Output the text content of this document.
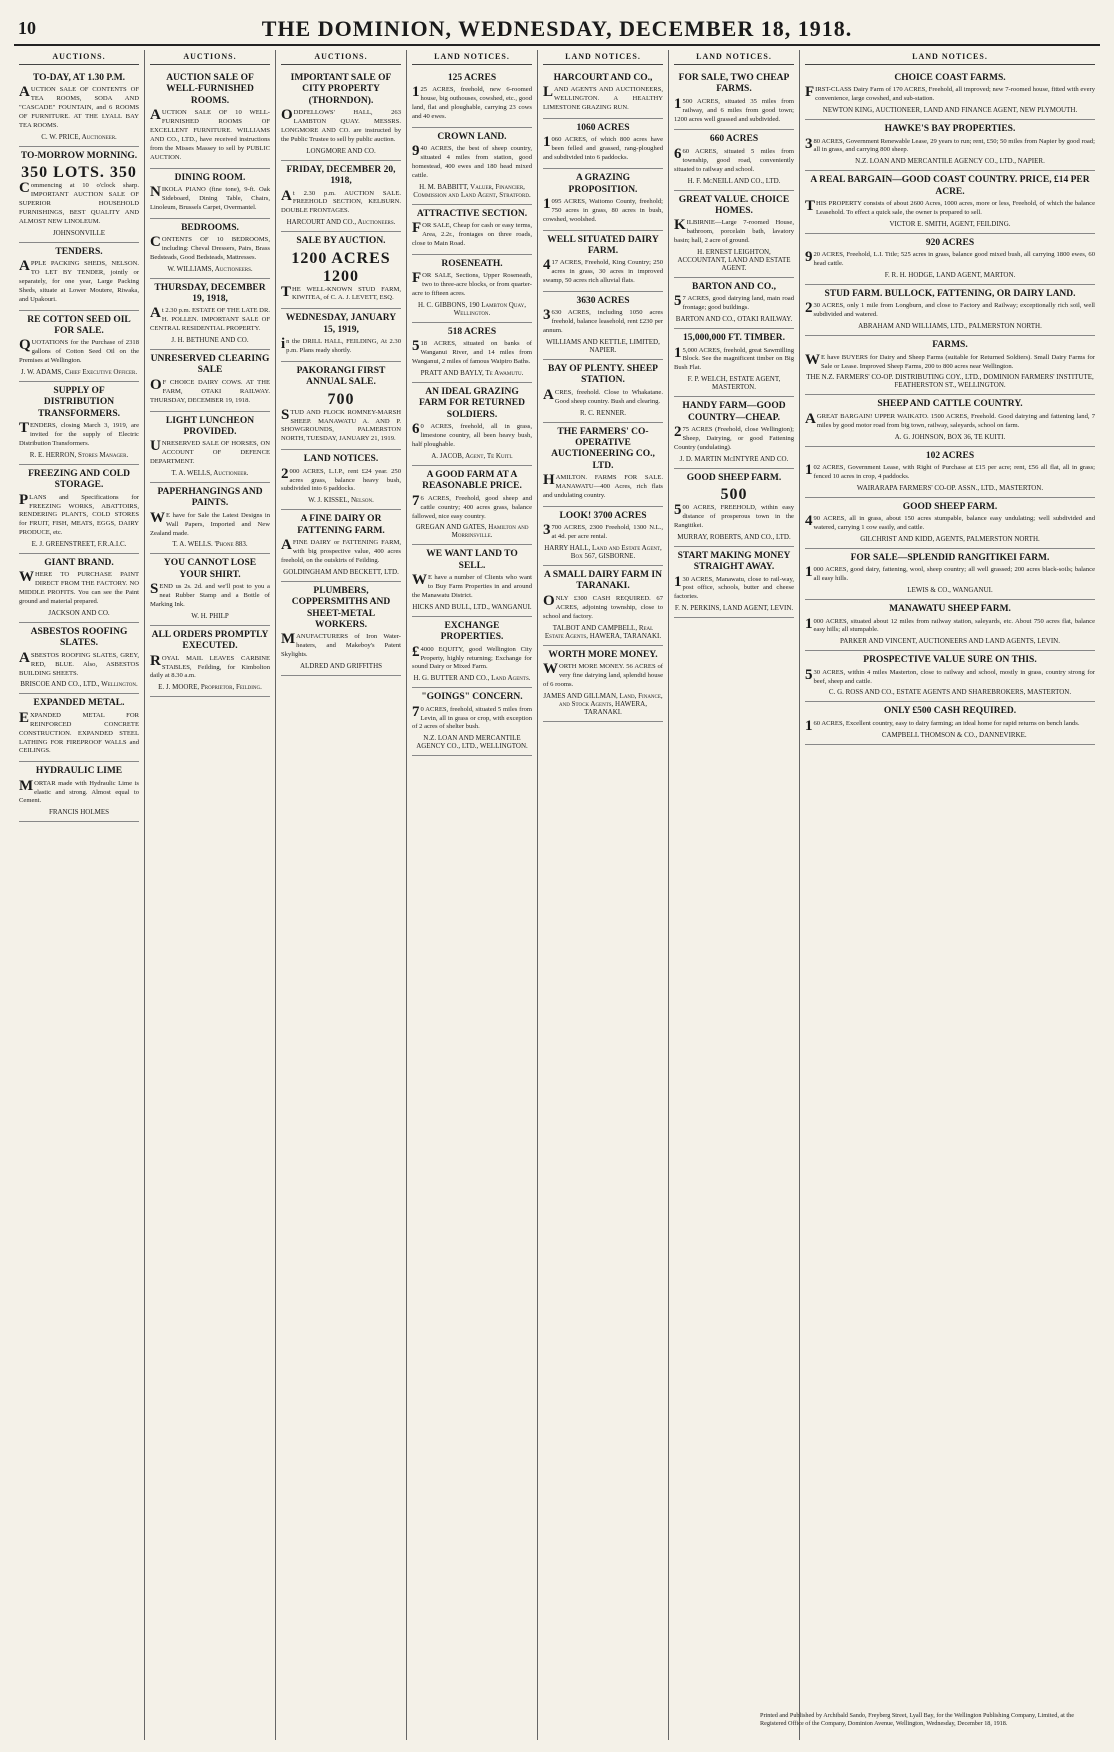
10	THE DOMINION, WEDNESDAY, DECEMBER 18, 1918.
AUCTIONS.
TO-DAY, AT 1.30 P.M.
AUCTION SALE OF CONTENTS OF TEA ROOMS, SODA AND "CASCADE" FOUNTAIN, and 6 ROOMS OF FURNITURE. AT THE LYALL BAY TEA ROOMS.
C. W. PRICE, Auctioneer.
TO-MORROW MORNING.
350 LOTS. 350
Commencing at 10 o'clock sharp. IMPORTANT AUCTION SALE OF SUPERIOR HOUSEHOLD FURNISHINGS, BEST QUALITY AND ALMOST NEW LINOLEUM.
JOHNSONVILLE
TENDERS.
APPLE PACKING SHEDS, NELSON. TO LET BY TENDER, jointly or separately, for one year, Large Packing Sheds, situate at Lower Moutere, Riwaka, and Upakouri.
RE COTTON SEED OIL FOR SALE.
QUOTATIONS for the Purchase of 2318 gallons of Cotton Seed Oil on the Premises at Wellington.
J. W. ADAMS, Chief Executive Officer.
SUPPLY OF DISTRIBUTION TRANSFORMERS.
TENDERS, closing March 3, 1919, are invited for the supply of Electric Distribution Transformers.
R. E. HERRON, Stores Manager.
FREEZING AND COLD STORAGE.
PLANS and Specifications for FREEZING WORKS, ABATTOIRS, RENDERING PLANTS, COLD STORES for FRUIT, FISH, MEATS, EGGS, DAIRY PRODUCE, etc.
E. J. GREENSTREET, F.R.A.I.C.
GIANT BRAND.
WHERE TO PURCHASE PAINT DIRECT FROM THE FACTORY. NO MIDDLE PROFITS. You can see the Paint ground and material prepared.
JACKSON AND CO.
ASBESTOS ROOFING SLATES.
ASBESTOS ROOFING SLATES, GREY, RED, BLUE. Also, ASBESTOS BUILDING SHEETS.
BRISCOE AND CO., LTD., Wellington.
EXPANDED METAL.
EXPANDED METAL FOR REINFORCED CONCRETE CONSTRUCTION. EXPANDED STEEL LATHING FOR FIREPROOF WALLS and CEILINGS.
HYDRAULIC LIME
MORTAR made with Hydraulic Lime is elastic and strong. Almost equal to Cement.
FRANCIS HOLMES
AUCTIONS.
AUCTION SALE OF WELL-FURNISHED ROOMS.
AUCTION SALE OF 10 WELL-FURNISHED ROOMS OF EXCELLENT FURNITURE. WILLIAMS AND CO., LTD., have received instructions from the Misses Massey to sell by PUBLIC AUCTION.
DINING ROOM.
NIKOLA PIANO (fine tone), 9-ft. Oak Sideboard, Dining Table, Chairs, Linoleum, Brussels Carpet, Overmantel.
BEDROOMS.
CONTENTS OF 10 BEDROOMS, including: Cheval Dressers, Pairs, Brass Bedsteads, Good Bedsteads, Mattresses.
W. WILLIAMS, Auctioneers.
THURSDAY, DECEMBER 19, 1918,
At 2.30 p.m. ESTATE OF THE LATE DR. H. POLLEN. IMPORTANT SALE OF CENTRAL RESIDENTIAL PROPERTY.
J. H. BETHUNE AND CO.
UNRESERVED CLEARING SALE
OF CHOICE DAIRY COWS. AT THE FARM, OTAKI RAILWAY. THURSDAY, DECEMBER 19, 1918.
LIGHT LUNCHEON PROVIDED.
UNRESERVED SALE OF HORSES, ON ACCOUNT OF DEFENCE DEPARTMENT.
T. A. WELLS, Auctioneer.
PAPERHANGINGS AND PAINTS.
WE have for Sale the Latest Designs in Wall Papers, Imported and New Zealand made.
T. A. WELLS. 'Phone 883.
YOU CANNOT LOSE YOUR SHIRT.
SEND us 2s. 2d. and we'll post to you a neat Rubber Stamp and a Bottle of Marking Ink.
W. H. PHILP
ALL ORDERS PROMPTLY EXECUTED.
ROYAL MAIL LEAVES CARBINE STABLES, Feilding, for Kimbolton daily at 8.30 a.m.
E. J. MOORE, Proprietor, Feilding.
AUCTIONS.
IMPORTANT SALE OF CITY PROPERTY (THORNDON).
ODDFELLOWS' HALL, 263 LAMBTON QUAY. MESSRS. LONGMORE AND CO. are instructed by the Public Trustee to sell by public auction.
LONGMORE AND CO.
FRIDAY, DECEMBER 20, 1918,
At 2.30 p.m. AUCTION SALE. FREEHOLD SECTION, KELBURN. DOUBLE FRONTAGES.
HARCOURT AND CO., Auctioneers.
SALE BY AUCTION.
1200 ACRES 1200
THE WELL-KNOWN STUD FARM, KIWITEA, of C. A. J. LEVETT, ESQ.
WEDNESDAY, JANUARY 15, 1919,
in the DRILL HALL, FEILDING, At 2.30 p.m. Plans ready shortly.
PAKORANGI FIRST ANNUAL SALE.
700
STUD AND FLOCK ROMNEY-MARSH SHEEP. MANAWATU A. AND P. SHOWGROUNDS, PALMERSTON NORTH, TUESDAY, JANUARY 21, 1919.
LAND NOTICES.
2000 ACRES, L.I.P., rent £24 year. 250 acres grass, balance heavy bush, subdivided into 6 paddocks.
W. J. KISSEL, Nelson.
A FINE DAIRY OR FATTENING FARM.
AFINE DAIRY or FATTENING FARM, with big prospective value, 400 acres freehold, on the outskirts of Feilding.
GOLDINGHAM AND BECKETT, LTD.
PLUMBERS, COPPERSMITHS AND SHEET-METAL WORKERS.
MANUFACTURERS of Iron Water-heaters, and Makeboy's Patent Skylights.
ALDRED AND GRIFFITHS
LAND NOTICES.
125 ACRES
125 ACRES, freehold, new 6-roomed house, big outhouses, cowshed, etc., good land, flat and ploughable, carrying 23 cows and 40 ewes.
CROWN LAND.
940 ACRES, the best of sheep country, situated 4 miles from station, good homestead, 400 ewes and 180 head mixed cattle.
H. M. BABBITT, Valuer, Financier, Commission and Land Agent, Stratford.
ATTRACTIVE SECTION.
FOR SALE, Cheap for cash or easy terms, Area, 2.2r., frontages on three roads, close to Main Road.
ROSENEATH.
FOR SALE, Sections, Upper Roseneath, two to three-acre blocks, or from quarter-acre to fifteen acres.
H. C. GIBBONS, 190 Lambton Quay, Wellington.
518 ACRES
518 ACRES, situated on banks of Wanganui River, and 14 miles from Wanganui, 2 miles of famous Waipiro Baths.
PRATT AND BAYLY, Te Awamutu.
AN IDEAL GRAZING FARM FOR RETURNED SOLDIERS.
60 ACRES, freehold, all in grass, limestone country, all been heavy bush, half ploughable.
A. JACOB, Agent, Te Kuiti.
A GOOD FARM AT A REASONABLE PRICE.
76 ACRES, Freehold, good sheep and cattle country; 400 acres grass, balance fallowed, nice easy country.
GREGAN AND GATES, Hamilton and Morrinsville.
WE WANT LAND TO SELL.
WE have a number of Clients who want to Buy Farm Properties in and around the Manawatu District.
HICKS AND BULL, LTD., WANGANUI.
EXCHANGE PROPERTIES.
£4000 EQUITY, good Wellington City Property, highly returning; Exchange for sound Dairy or Mixed Farm.
H. G. BUTTER AND CO., Land Agents.
"GOINGS" CONCERN.
70 ACRES, freehold, situated 5 miles from Levin, all in grass or crop, with exception of 2 acres of shelter bush.
N.Z. LOAN AND MERCANTILE AGENCY CO., LTD., WELLINGTON.
LAND NOTICES.
HARCOURT AND CO.,
LAND AGENTS AND AUCTIONEERS, WELLINGTON. A HEALTHY LIMESTONE GRAZING RUN.
1060 ACRES
1060 ACRES, of which 800 acres have been felled and grassed, rang-ploughed and subdivided into 6 paddocks.
A GRAZING PROPOSITION.
1095 ACRES, Waitomo County, freehold; 750 acres in grass, 80 acres in bush, cowshed, woolshed.
WELL SITUATED DAIRY FARM.
417 ACRES, Freehold, King Country; 250 acres in grass, 30 acres in improved swamp, 50 acres rich alluvial flats.
3630 ACRES
3630 ACRES, including 1050 acres freehold, balance leasehold, rent £230 per annum.
WILLIAMS AND KETTLE, LIMITED, NAPIER.
BAY OF PLENTY. SHEEP STATION.
ACRES, freehold. Close to Whakatane. Good sheep country. Bush and clearing.
R. C. RENNER.
THE FARMERS' CO-OPERATIVE AUCTIONEERING CO., LTD.
HAMILTON. FARMS FOR SALE. MANAWATU—400 Acres, rich flats and undulating country.
LOOK! 3700 ACRES
3700 ACRES, 2300 Freehold, 1300 N.L., at 4d. per acre rental.
HARRY HALL, Land and Estate Agent, Box 567, GISBORNE.
A SMALL DAIRY FARM IN TARANAKI.
ONLY £300 CASH REQUIRED. 67 ACRES, adjoining township, close to school and factory.
TALBOT AND CAMPBELL, Real Estate Agents, HAWERA, TARANAKI.
WORTH MORE MONEY.
WORTH MORE MONEY. 56 ACRES of very fine dairying land, splendid house of 6 rooms.
JAMES AND GILLMAN, Land, Finance, and Stock Agents, HAWERA, TARANAKI.
LAND NOTICES.
FOR SALE, TWO CHEAP FARMS.
1500 ACRES, situated 35 miles from railway, and 6 miles from good town; 1200 acres well grassed and subdivided.
660 ACRES
660 ACRES, situated 5 miles from township, good road, conveniently situated to railway and school.
H. F. McNEILL AND CO., LTD.
GREAT VALUE. CHOICE HOMES.
KILBIRNIE—Large 7-roomed House, bathroom, porcelain bath, lavatory basin; hall, 2 acre of ground.
H. ERNEST LEIGHTON, ACCOUNTANT, LAND AND ESTATE AGENT.
BARTON AND CO.,
57 ACRES, good dairying land, main road frontage; good buildings.
BARTON AND CO., OTAKI RAILWAY.
15,000,000 FT. TIMBER.
15,000 ACRES, freehold, great Sawmilling Block. See the magnificent timber on Big Bush Flat.
F. P. WELCH, ESTATE AGENT, MASTERTON.
HANDY FARM—GOOD COUNTRY—CHEAP.
275 ACRES (Freehold, close Wellington); Sheep, Dairying, or good Fattening Country (undulating).
J. D. MARTIN McINTYRE AND CO.
GOOD SHEEP FARM.
500
500 ACRES, FREEHOLD, within easy distance of prosperous town in the Rangitikei.
MURRAY, ROBERTS, AND CO., LTD.
START MAKING MONEY STRAIGHT AWAY.
130 ACRES, Manawatu, close to rail-way, post office, schools, butter and cheese factories.
F. N. PERKINS, LAND AGENT, LEVIN.
LAND NOTICES.
CHOICE COAST FARMS.
FIRST-CLASS Dairy Farm of 170 ACRES, Freehold, all improved; new 7-roomed house, fitted with every convenience, large cowshed, and sub-station.
NEWTON KING, AUCTIONEER, LAND AND FINANCE AGENT, NEW PLYMOUTH.
HAWKE'S BAY PROPERTIES.
380 ACRES, Government Renewable Lease, 29 years to run; rent, £50; 50 miles from Napier by good road; all in grass, and carrying 800 sheep.
N.Z. LOAN AND MERCANTILE AGENCY CO., LTD., NAPIER.
A REAL BARGAIN—GOOD COAST COUNTRY. PRICE, £14 PER ACRE.
THIS PROPERTY consists of about 2600 Acres, 1000 acres, more or less, Freehold, of which the balance Leasehold. To effect a quick sale, the owner is prepared to sell.
VICTOR E. SMITH, AGENT, FEILDING.
920 ACRES
920 ACRES, Freehold, L.I. Title; 525 acres in grass, balance good mixed bush, all carrying 1800 ewes, 60 head cattle.
F. R. H. HODGE, LAND AGENT, MARTON.
STUD FARM. BULLOCK, FATTENING, OR DAIRY LAND.
230 ACRES, only 1 mile from Longburn, and close to Factory and Railway; exceptionally rich soil, well subdivided and watered.
ABRAHAM AND WILLIAMS, LTD., PALMERSTON NORTH.
FARMS.
WE have BUYERS for Dairy and Sheep Farms (suitable for Returned Soldiers). Small Dairy Farms for Sale or Lease. Improved Sheep Farms, 200 to 800 acres near Wellington.
THE N.Z. FARMERS' CO-OP. DISTRIBUTING COY., LTD., DOMINION FARMERS' INSTITUTE, FEATHERSTON ST., WELLINGTON.
SHEEP AND CATTLE COUNTRY.
AGREAT BARGAIN! UPPER WAIKATO. 1500 ACRES, Freehold. Good dairying and fattening land, 7 miles by good motor road from big town, railway, saleyards, school on farm.
A. G. JOHNSON, BOX 36, TE KUITI.
102 ACRES
102 ACRES, Government Lease, with Right of Purchase at £15 per acre; rent, £56 all flat, all in grass; fenced 10 acres in crop, 4 paddocks.
WAIRARAPA FARMERS' CO-OP. ASSN., LTD., MASTERTON.
GOOD SHEEP FARM.
490 ACRES, all in grass, about 150 acres stumpable, balance easy undulating; well subdivided and watered, carrying 1 cow easily, and cattle.
GILCHRIST AND KIDD, AGENTS, PALMERSTON NORTH.
FOR SALE—SPLENDID RANGITIKEI FARM.
1000 ACRES, good dairy, fattening, wool, sheep country; all well grassed; 200 acres black-soils; balance all easy hills.
LEWIS & CO., WANGANUI.
MANAWATU SHEEP FARM.
1000 ACRES, situated about 12 miles from railway station, saleyards, etc. About 750 acres flat, balance easy hills; all stumpable.
PARKER AND VINCENT, AUCTIONEERS AND LAND AGENTS, LEVIN.
PROSPECTIVE VALUE SURE ON THIS.
530 ACRES, within 4 miles Masterton, close to railway and school, mostly in grass, country strong for beef, sheep and cattle.
C. G. ROSS AND CO., ESTATE AGENTS AND SHAREBROKERS, MASTERTON.
ONLY £500 CASH REQUIRED.
160 ACRES, Excellent country, easy to dairy farming; an ideal home for rapid returns on bench lands.
CAMPBELL THOMSON & CO., DANNEVIRKE.
Printed and Published by Archibald Sando, Freyberg Street, Lyall Bay, for the Wellington Publishing Company, Limited, at the Registered Office of the Company, Dominion Avenue, Wellington, Wednesday, December 18, 1918.
